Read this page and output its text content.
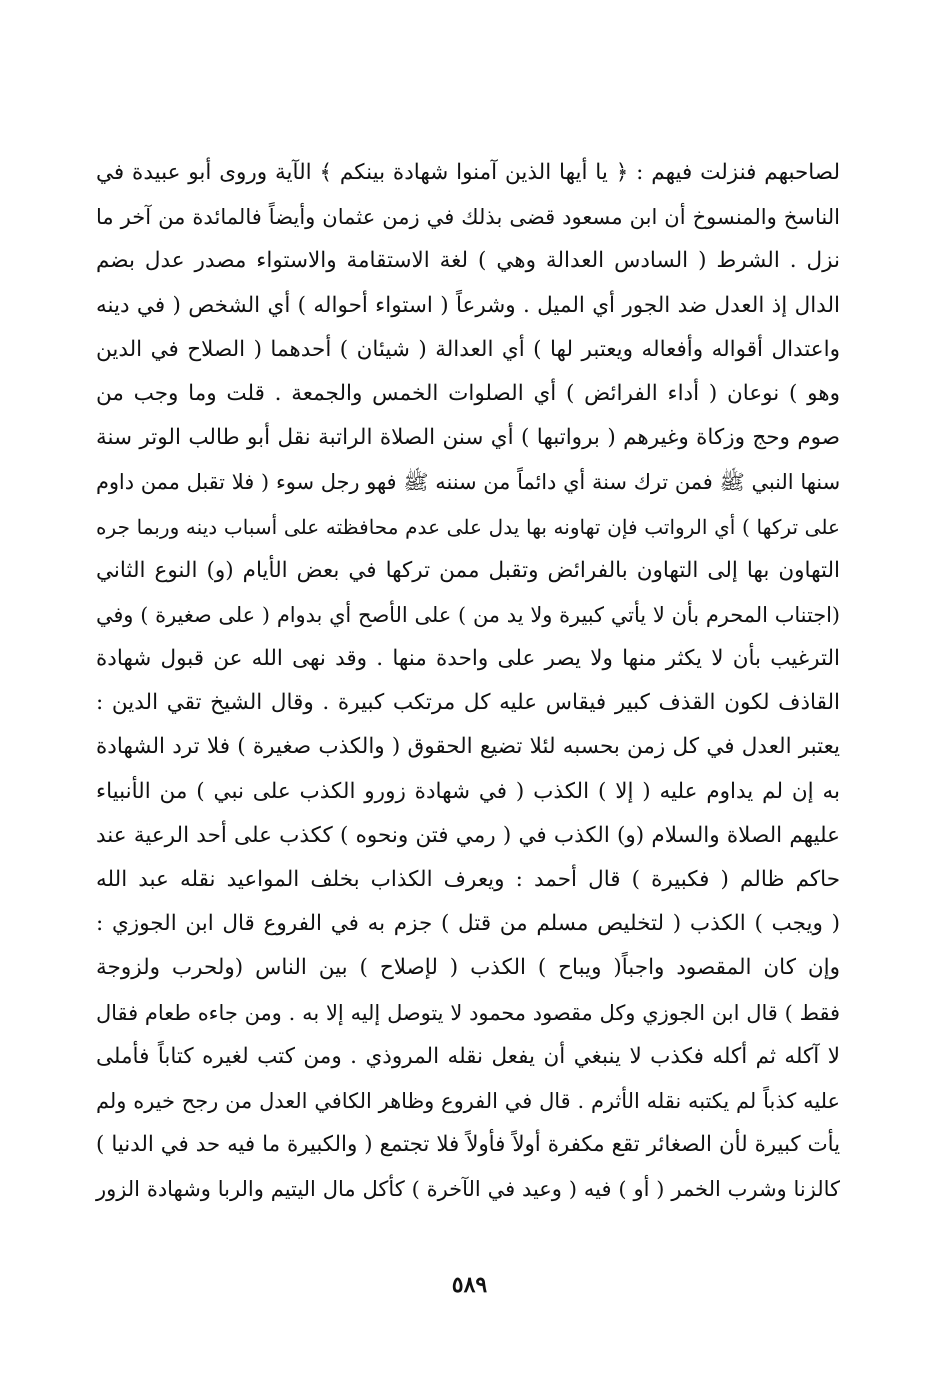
لصاحبهم فنزلت فيهم : ﴿ يا أيها الذين آمنوا شهادة بينكم ﴾ الآية وروى أبو عبيدة في
الناسخ والمنسوخ أن ابن مسعود قضى بذلك في زمن عثمان وأيضاً فالمائدة من آخر ما
نزل . الشرط ( السادس العدالة وهي ) لغة الاستقامة والاستواء مصدر عدل بضم
الدال إذ العدل ضد الجور أي الميل . وشرعاً ( استواء أحواله ) أي الشخص ( في دينه
واعتدال أقواله وأفعاله ويعتبر لها ) أي العدالة ( شيئان ) أحدهما ( الصلاح في الدين
وهو ) نوعان ( أداء الفرائض ) أي الصلوات الخمس والجمعة . قلت وما وجب من
صوم وحج وزكاة وغيرهم ( برواتبها ) أي سنن الصلاة الراتبة نقل أبو طالب الوتر سنة
سنها النبي ﷺ فمن ترك سنة أي دائماً من سننه ﷺ فهو رجل سوء ( فلا تقبل ممن داوم
على تركها ) أي الرواتب فإن تهاونه بها يدل على عدم محافظته على أسباب دينه وربما جره
التهاون بها إلى التهاون بالفرائض وتقبل ممن تركها في بعض الأيام (و) النوع الثاني
(اجتناب المحرم بأن لا يأتي كبيرة ولا يد من ) على الأصح أي بدوام ( على صغيرة ) وفي
الترغيب بأن لا يكثر منها ولا يصر على واحدة منها . وقد نهى الله عن قبول شهادة
القاذف لكون القذف كبير فيقاس عليه كل مرتكب كبيرة . وقال الشيخ تقي الدين :
يعتبر العدل في كل زمن بحسبه لئلا تضيع الحقوق ( والكذب صغيرة ) فلا ترد الشهادة
به إن لم يداوم عليه ( إلا ) الكذب ( في شهادة زورو الكذب على نبي ) من الأنبياء
عليهم الصلاة والسلام (و) الكذب في ( رمي فتن ونحوه ) ككذب على أحد الرعية عند
حاكم ظالم ( فكبيرة ) قال أحمد : ويعرف الكذاب بخلف المواعيد نقله عبد الله
( ويجب ) الكذب ( لتخليص مسلم من قتل ) جزم به في الفروع قال ابن الجوزي :
وإن كان المقصود واجباً( ويباح ) الكذب ( لإصلاح ) بين الناس (ولحرب ولزوجة
فقط ) قال ابن الجوزي وكل مقصود محمود لا يتوصل إليه إلا به . ومن جاءه طعام فقال
لا آكله ثم أكله فكذب لا ينبغي أن يفعل نقله المروذي . ومن كتب لغيره كتاباً فأملى
عليه كذباً لم يكتبه نقله الأثرم . قال في الفروع وظاهر الكافي العدل من رجح خيره ولم
يأت كبيرة لأن الصغائر تقع مكفرة أولاً فأولاً فلا تجتمع ( والكبيرة ما فيه حد في الدنيا )
كالزنا وشرب الخمر ( أو ) فيه ( وعيد في الآخرة ) كأكل مال اليتيم والربا وشهادة الزور
٥٨٩
